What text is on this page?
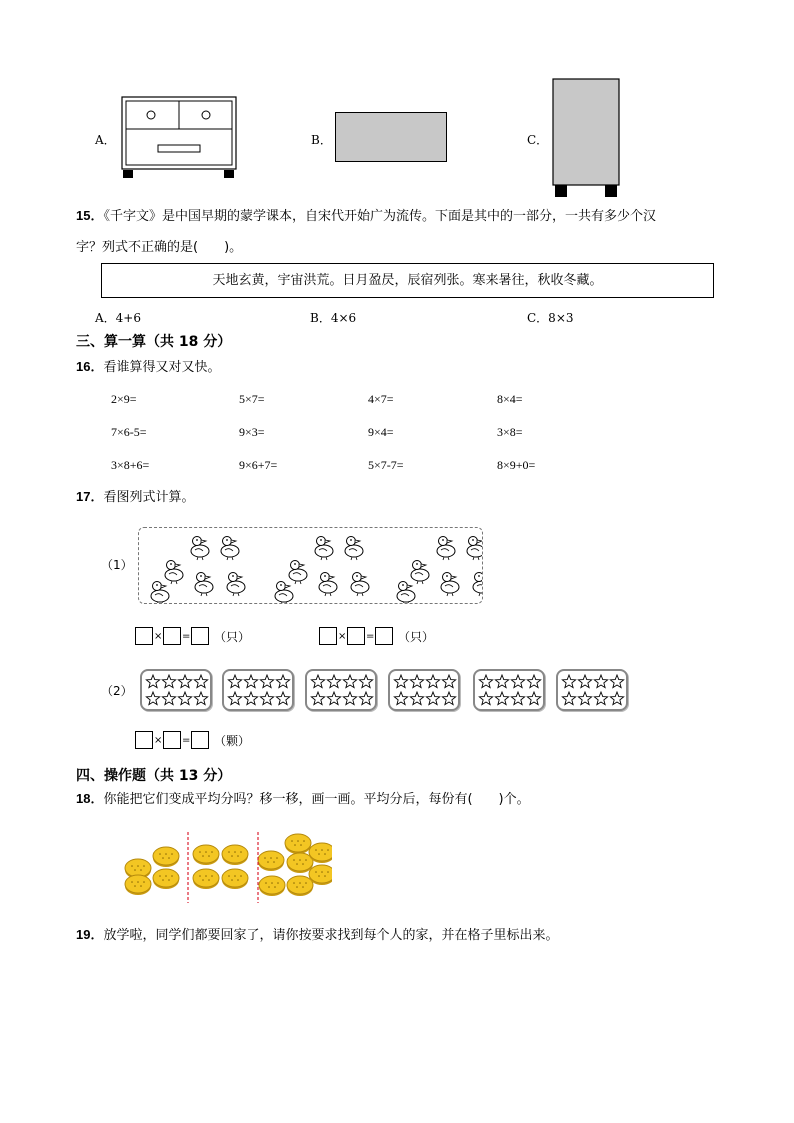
A．	B．	C．
15．《千字文》是中国早期的蒙学课本，自宋代开始广为流传。下面是其中的一部分，一共有多少个汉
字？列式不正确的是(　　)。
天地玄黄，宇宙洪荒。日月盈昃，辰宿列张。寒来暑往，秋收冬藏。
A．4+6	B．4×6	C．8×3
三、算一算（共 18 分）
16．看谁算得又对又快。
2×9=	5×7=	4×7=	8×4=
7×6-5=	9×3=	9×4=	3×8=
3×8+6=	9×6+7=	5×7-7=	8×9+0=
17．看图列式计算。
（1）
× = （只）	× = （只）
（2）
× = （颗）
四、操作题（共 13 分）
18．你能把它们变成平均分吗？移一移，画一画。平均分后，每份有(　　)个。
19．放学啦，同学们都要回家了，请你按要求找到每个人的家，并在格子里标出来。
